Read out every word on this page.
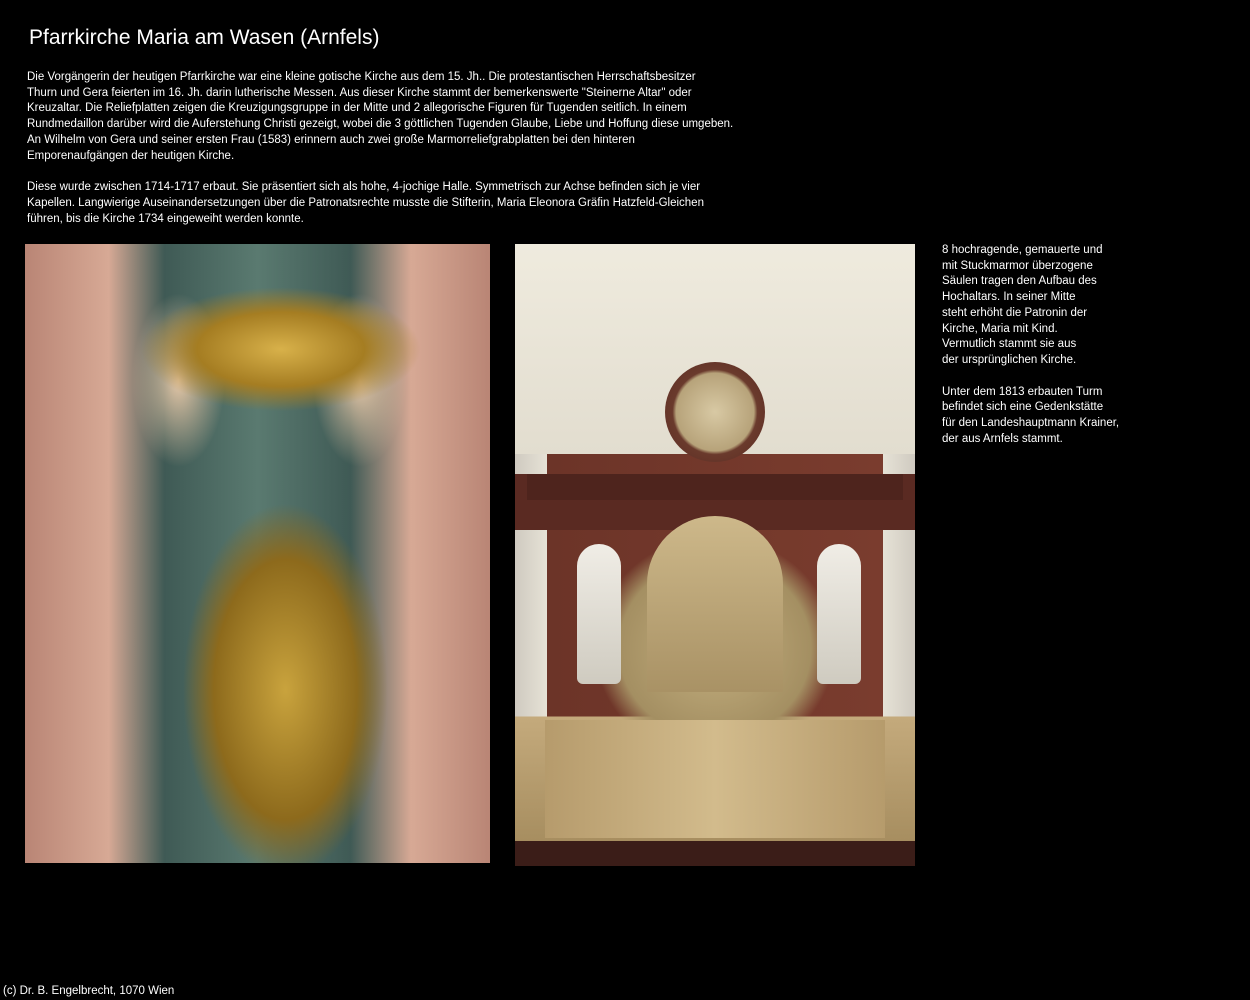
Pfarrkirche Maria am Wasen (Arnfels)

Die Vorgängerin der heutigen Pfarrkirche war eine kleine gotische Kirche aus dem 15. Jh.. Die protestantischen Herrschaftsbesitzer
Thurn und Gera feierten im 16. Jh. darin lutherische Messen. Aus dieser Kirche stammt der bemerkenswerte "Steinerne Altar" oder
Kreuzaltar. Die Reliefplatten zeigen die Kreuzigungsgruppe in der Mitte und 2 allegorische Figuren für Tugenden seitlich. In einem
Rundmedaillon darüber wird die Auferstehung Christi gezeigt, wobei die 3 göttlichen Tugenden Glaube, Liebe und Hoffung diese umgeben.
An Wilhelm von Gera und seiner ersten Frau (1583) erinnern auch zwei große Marmorreliefgrabplatten bei den hinteren
Emporenaufgängen der heutigen Kirche.

Diese wurde zwischen 1714-1717 erbaut. Sie präsentiert sich als hohe, 4-jochige Halle. Symmetrisch zur Achse befinden sich je vier
Kapellen. Langwierige Auseinandersetzungen über die Patronatsrechte musste die Stifterin, Maria Eleonora Gräfin Hatzfeld-Gleichen
führen, bis die Kirche 1734 eingeweiht werden konnte.

8 hochragende, gemauerte und
mit Stuckmarmor überzogene
Säulen tragen den Aufbau des
Hochaltars. In seiner Mitte
steht erhöht die Patronin der
Kirche, Maria mit Kind.
Vermutlich stammt sie aus
der ursprünglichen Kirche.

Unter dem 1813 erbauten Turm
befindet sich eine Gedenkstätte
für den Landeshauptmann Krainer,
der aus Arnfels stammt.

(c) Dr. B. Engelbrecht, 1070 Wien
